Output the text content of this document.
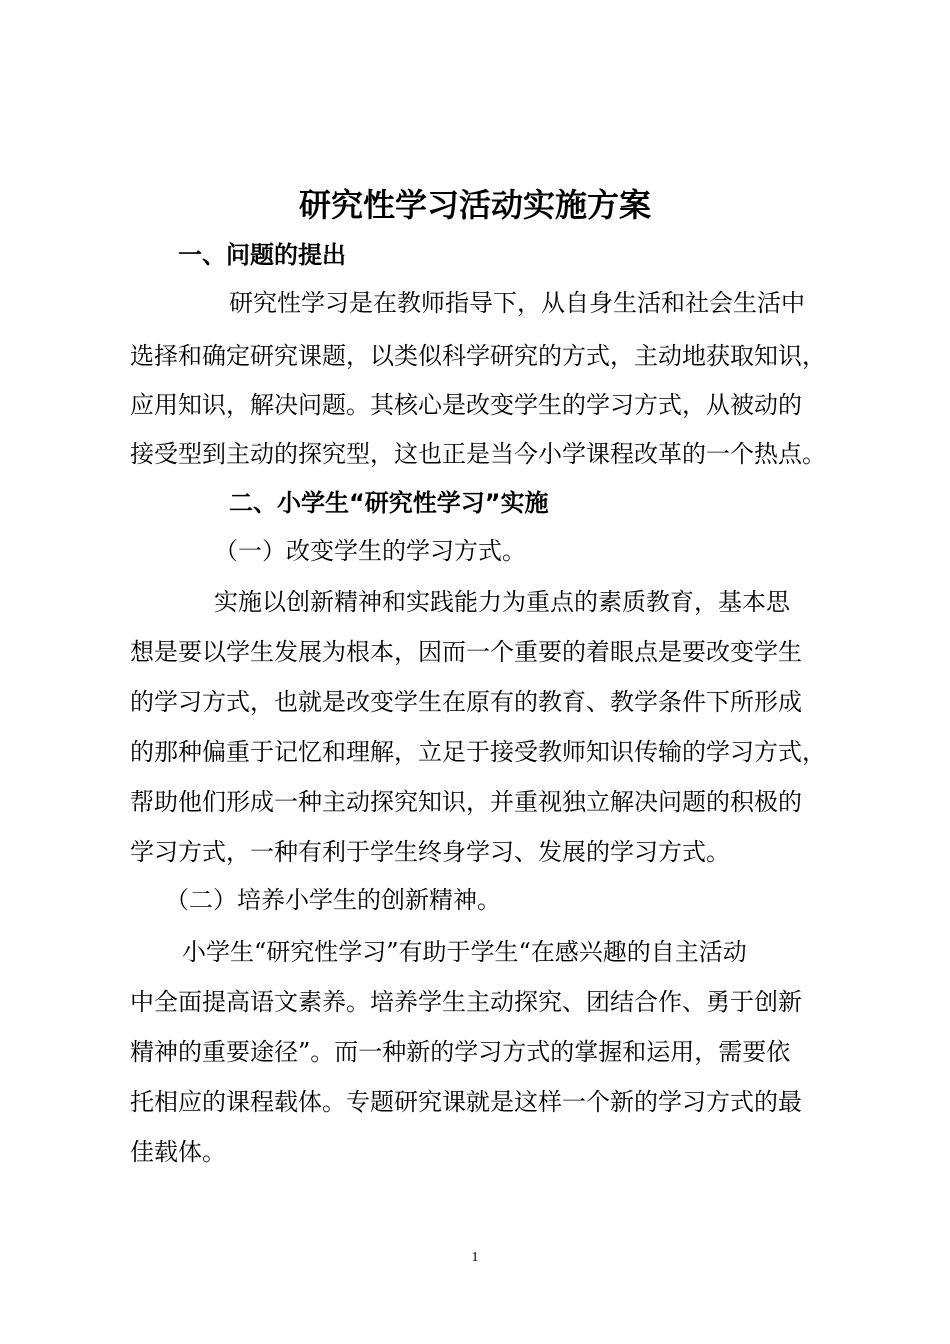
研究性学习活动实施方案
一、问题的提出
研究性学习是在教师指导下，从自身生活和社会生活中
选择和确定研究课题，以类似科学研究的方式，主动地获取知识，
应用知识，解决问题。其核心是改变学生的学习方式，从被动的
接受型到主动的探究型，这也正是当今小学课程改革的一个热点。
二、小学生“研究性学习”实施
（一）改变学生的学习方式。
实施以创新精神和实践能力为重点的素质教育，基本思
想是要以学生发展为根本，因而一个重要的着眼点是要改变学生
的学习方式，也就是改变学生在原有的教育、教学条件下所形成
的那种偏重于记忆和理解，立足于接受教师知识传输的学习方式，
帮助他们形成一种主动探究知识，并重视独立解决问题的积极的
学习方式，一种有利于学生终身学习、发展的学习方式。
（二）培养小学生的创新精神。
小学生“研究性学习”有助于学生“在感兴趣的自主活动
中全面提高语文素养。培养学生主动探究、团结合作、勇于创新
精神的重要途径”。而一种新的学习方式的掌握和运用，需要依
托相应的课程载体。专题研究课就是这样一个新的学习方式的最
佳载体。
1
